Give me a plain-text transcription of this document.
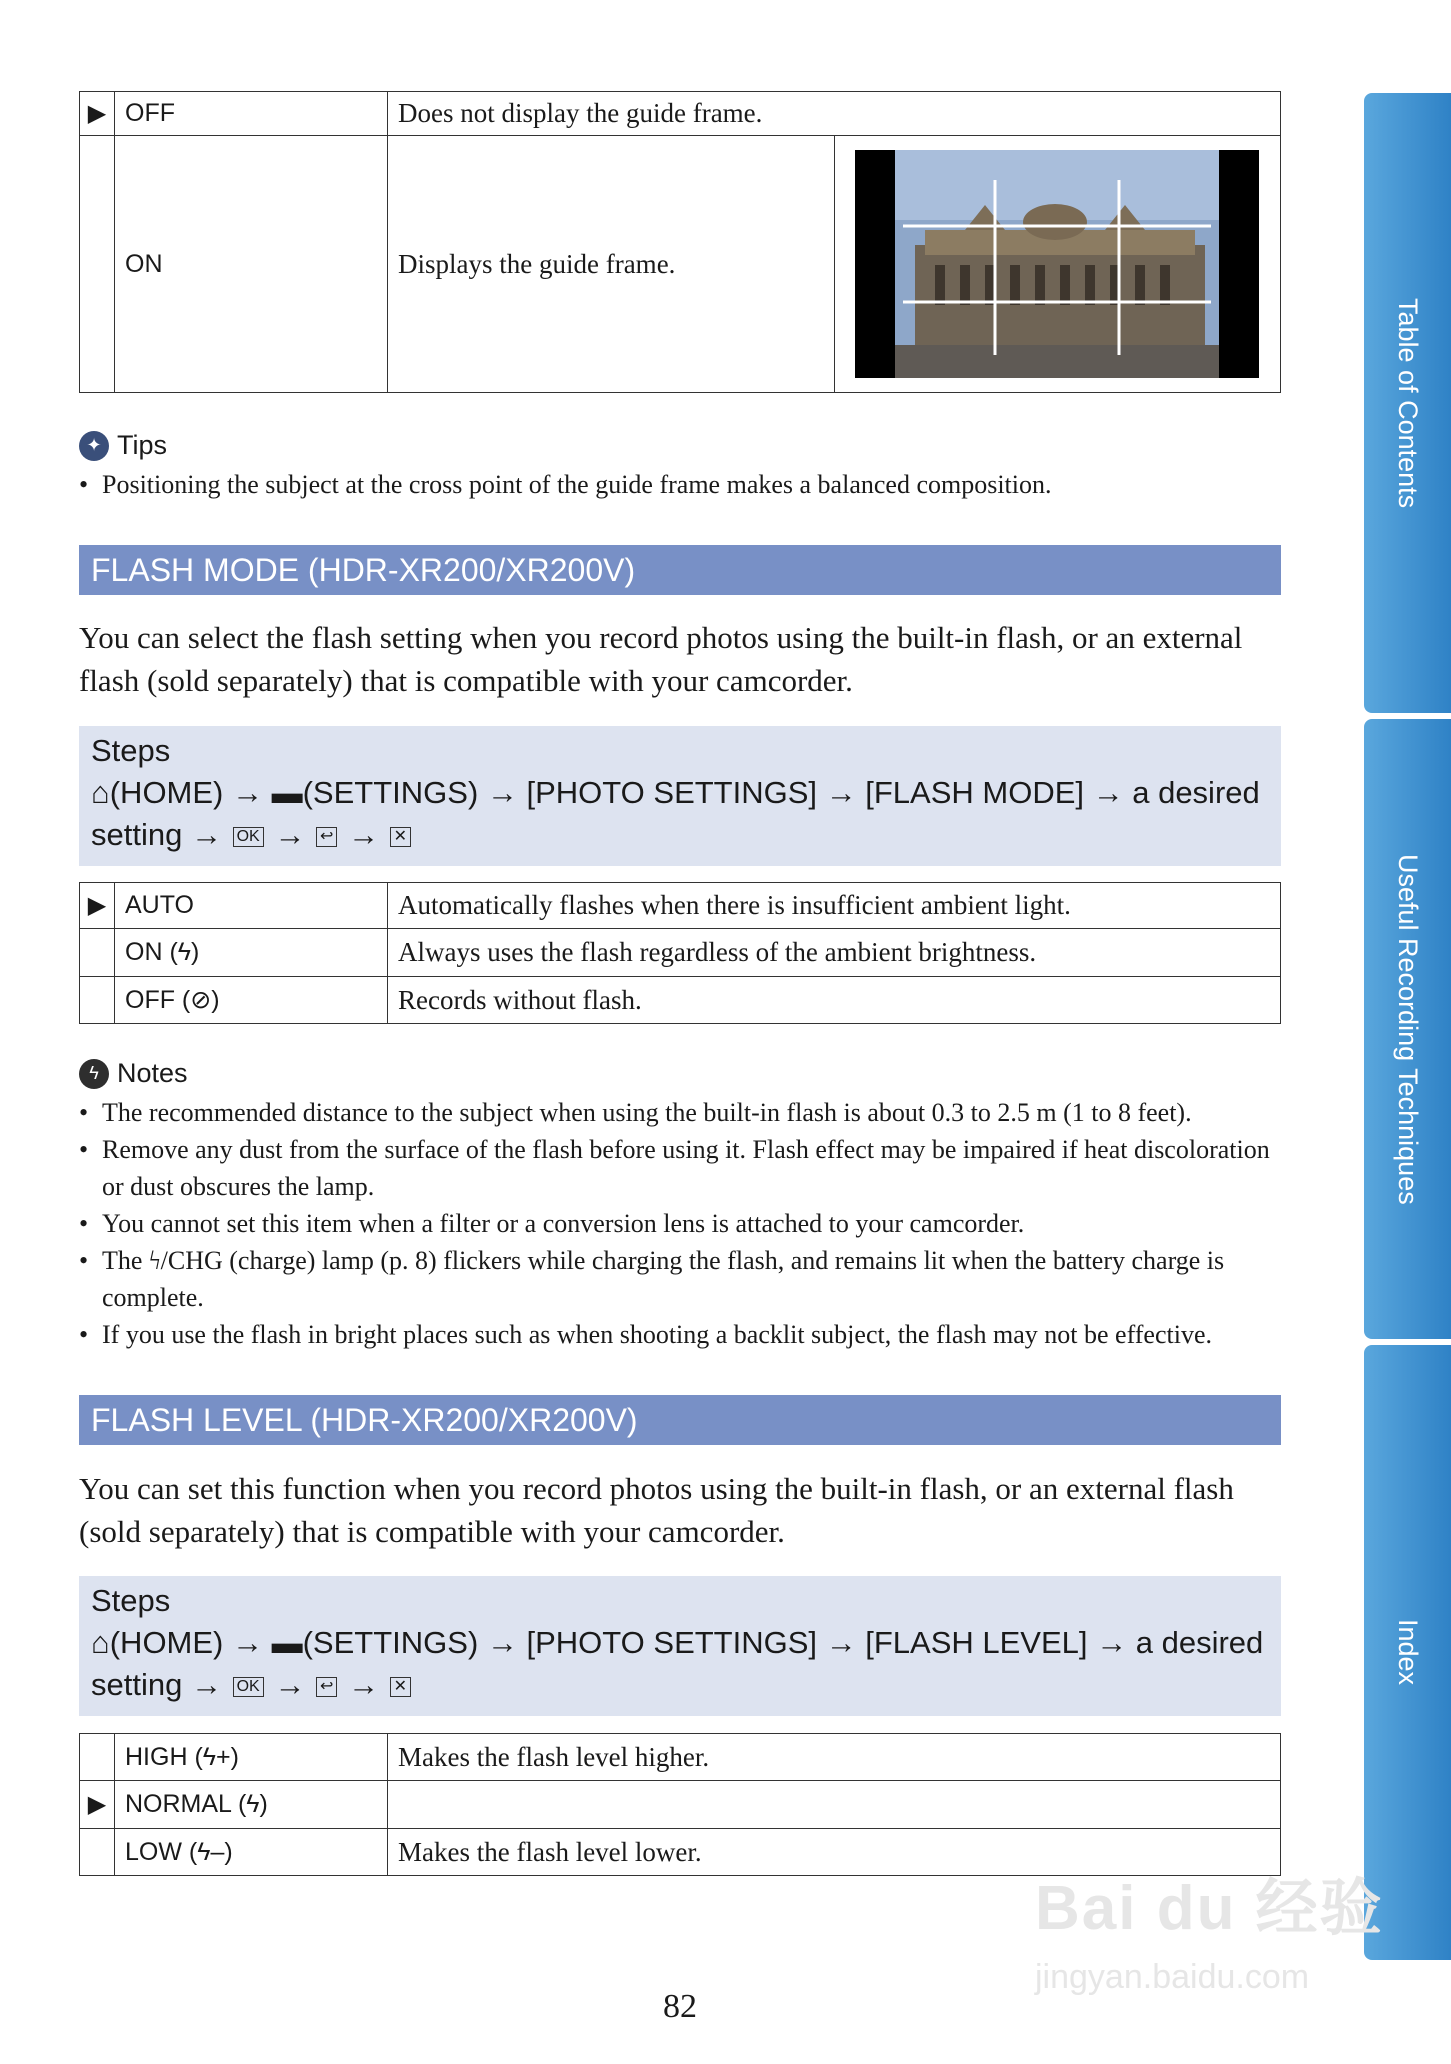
▶	OFF	Does not display the guide frame.	
	ON	Displays the guide frame.	
✦ Tips
• Positioning the subject at the cross point of the guide frame makes a balanced composition.
FLASH MODE (HDR-XR200/XR200V)

You can select the flash setting when you record photos using the built-in flash, or an external flash (sold separately) that is compatible with your camcorder.

Steps
⌂(HOME) → ▬(SETTINGS) → [PHOTO SETTINGS] → [FLASH MODE] → a desired
setting → OK → ↩ → ✕
▶	AUTO	Automatically flashes when there is insufficient ambient light.
	ON (ϟ)	Always uses the flash regardless of the ambient brightness.
	OFF (⊘)	Records without flash.
ϟ Notes
• The recommended distance to the subject when using the built-in flash is about 0.3 to 2.5 m (1 to 8 feet).
• Remove any dust from the surface of the flash before using it. Flash effect may be impaired if heat discoloration or dust obscures the lamp.
• You cannot set this item when a filter or a conversion lens is attached to your camcorder.
• The ϟ/CHG (charge) lamp (p. 8) flickers while charging the flash, and remains lit when the battery charge is complete.
• If you use the flash in bright places such as when shooting a backlit subject, the flash may not be effective.
FLASH LEVEL (HDR-XR200/XR200V)

You can set this function when you record photos using the built-in flash, or an external flash (sold separately) that is compatible with your camcorder.

Steps
⌂(HOME) → ▬(SETTINGS) → [PHOTO SETTINGS] → [FLASH LEVEL] → a desired
setting → OK → ↩ → ✕
	HIGH (ϟ+)	Makes the flash level higher.
▶	NORMAL (ϟ)	
	LOW (ϟ–)	Makes the flash level lower.
Table of Contents
Useful Recording Techniques
Index
Bai du 经验
jingyan.baidu.com
82
